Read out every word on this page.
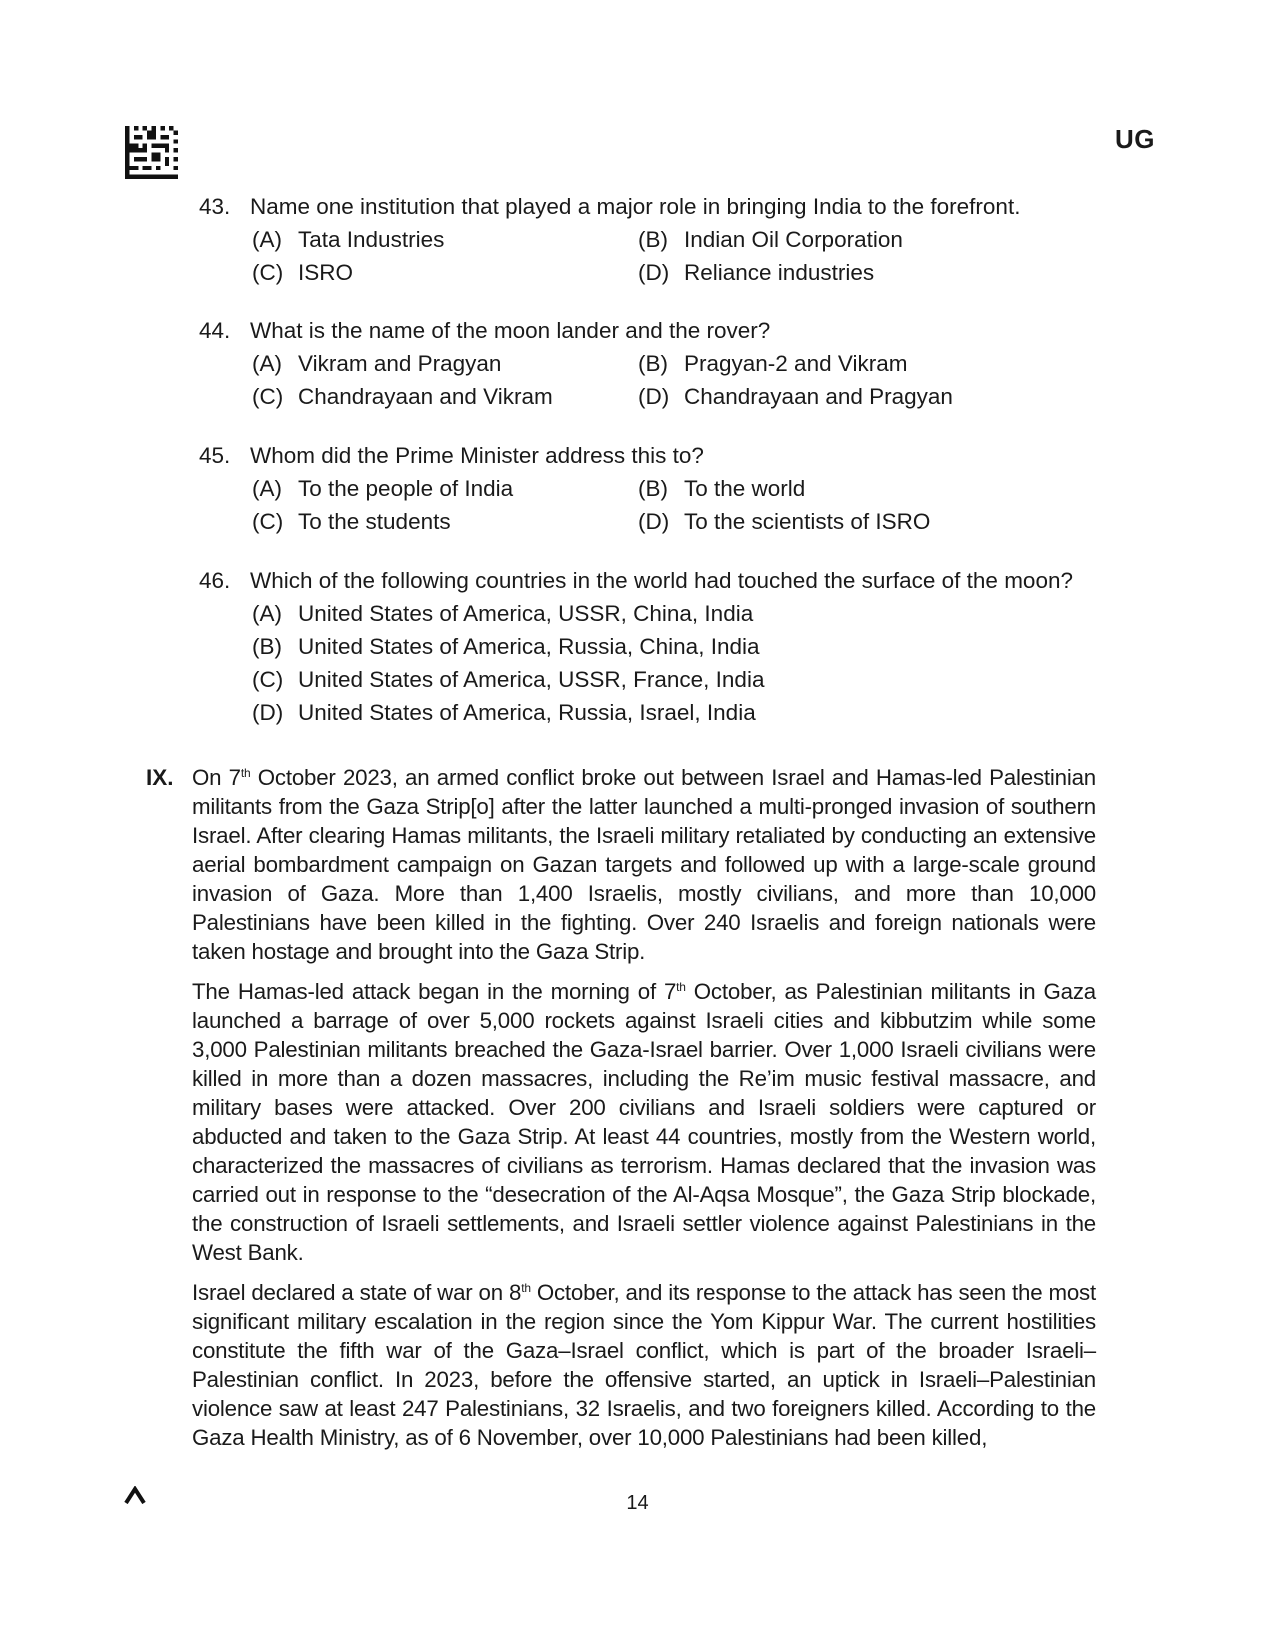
UG
43. Name one institution that played a major role in bringing India to the forefront.
(A) Tata Industries	(B) Indian Oil Corporation
(C) ISRO	(D) Reliance industries
44. What is the name of the moon lander and the rover?
(A) Vikram and Pragyan	(B) Pragyan-2 and Vikram
(C) Chandrayaan and Vikram	(D) Chandrayaan and Pragyan
45. Whom did the Prime Minister address this to?
(A) To the people of India	(B) To the world
(C) To the students	(D) To the scientists of ISRO
46. Which of the following countries in the world had touched the surface of the moon?
(A) United States of America, USSR, China, India
(B) United States of America, Russia, China, India
(C) United States of America, USSR, France, India
(D) United States of America, Russia, Israel, India
IX. On 7th October 2023, an armed conflict broke out between Israel and Hamas-led Palestinian militants from the Gaza Strip[o] after the latter launched a multi-pronged invasion of southern Israel. After clearing Hamas militants, the Israeli military retaliated by conducting an extensive aerial bombardment campaign on Gazan targets and followed up with a large-scale ground invasion of Gaza. More than 1,400 Israelis, mostly civilians, and more than 10,000 Palestinians have been killed in the fighting. Over 240 Israelis and foreign nationals were taken hostage and brought into the Gaza Strip.

The Hamas-led attack began in the morning of 7th October, as Palestinian militants in Gaza launched a barrage of over 5,000 rockets against Israeli cities and kibbutzim while some 3,000 Palestinian militants breached the Gaza-Israel barrier. Over 1,000 Israeli civilians were killed in more than a dozen massacres, including the Re’im music festival massacre, and military bases were attacked. Over 200 civilians and Israeli soldiers were captured or abducted and taken to the Gaza Strip. At least 44 countries, mostly from the Western world, characterized the massacres of civilians as terrorism. Hamas declared that the invasion was carried out in response to the “desecration of the Al-Aqsa Mosque”, the Gaza Strip blockade, the construction of Israeli settlements, and Israeli settler violence against Palestinians in the West Bank.

Israel declared a state of war on 8th October, and its response to the attack has seen the most significant military escalation in the region since the Yom Kippur War. The current hostilities constitute the fifth war of the Gaza–Israel conflict, which is part of the broader Israeli–Palestinian conflict. In 2023, before the offensive started, an uptick in Israeli–Palestinian violence saw at least 247 Palestinians, 32 Israelis, and two foreigners killed. According to the Gaza Health Ministry, as of 6 November, over 10,000 Palestinians had been killed,

14
